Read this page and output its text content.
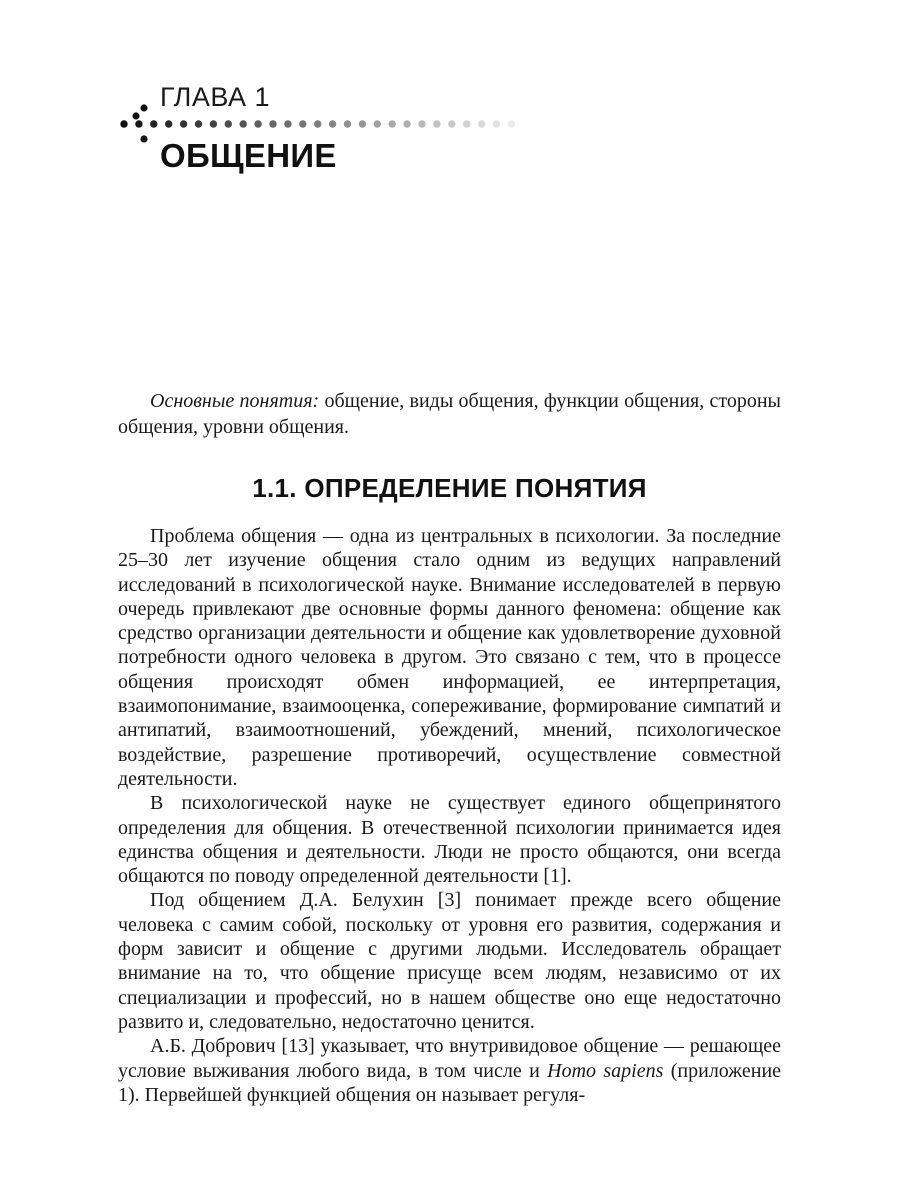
ГЛАВА 1
ОБЩЕНИЕ
Основные понятия: общение, виды общения, функции общения, стороны общения, уровни общения.
1.1. ОПРЕДЕЛЕНИЕ ПОНЯТИЯ

Проблема общения — одна из центральных в психологии. За последние 25–30 лет изучение общения стало одним из ведущих направлений исследований в психологической науке. Внимание исследователей в первую очередь привлекают две основные формы данного феномена: общение как средство организации деятельности и общение как удовлетворение духовной потребности одного человека в другом. Это связано с тем, что в процессе общения происходят обмен информацией, ее интерпретация, взаимопонимание, взаимооценка, сопереживание, формирование симпатий и антипатий, взаимоотношений, убеждений, мнений, психологическое воздействие, разрешение противоречий, осуществление совместной деятельности.

В психологической науке не существует единого общепринятого определения для общения. В отечественной психологии принимается идея единства общения и деятельности. Люди не просто общаются, они всегда общаются по поводу определенной деятельности [1].

Под общением Д.А. Белухин [3] понимает прежде всего общение человека с самим собой, поскольку от уровня его развития, содержания и форм зависит и общение с другими людьми. Исследователь обращает внимание на то, что общение присуще всем людям, независимо от их специализации и профессий, но в нашем обществе оно еще недостаточно развито и, следовательно, недостаточно ценится.

А.Б. Добрович [13] указывает, что внутривидовое общение — решающее условие выживания любого вида, в том числе и Homo sapiens (приложение 1). Первейшей функцией общения он называет регуля-
